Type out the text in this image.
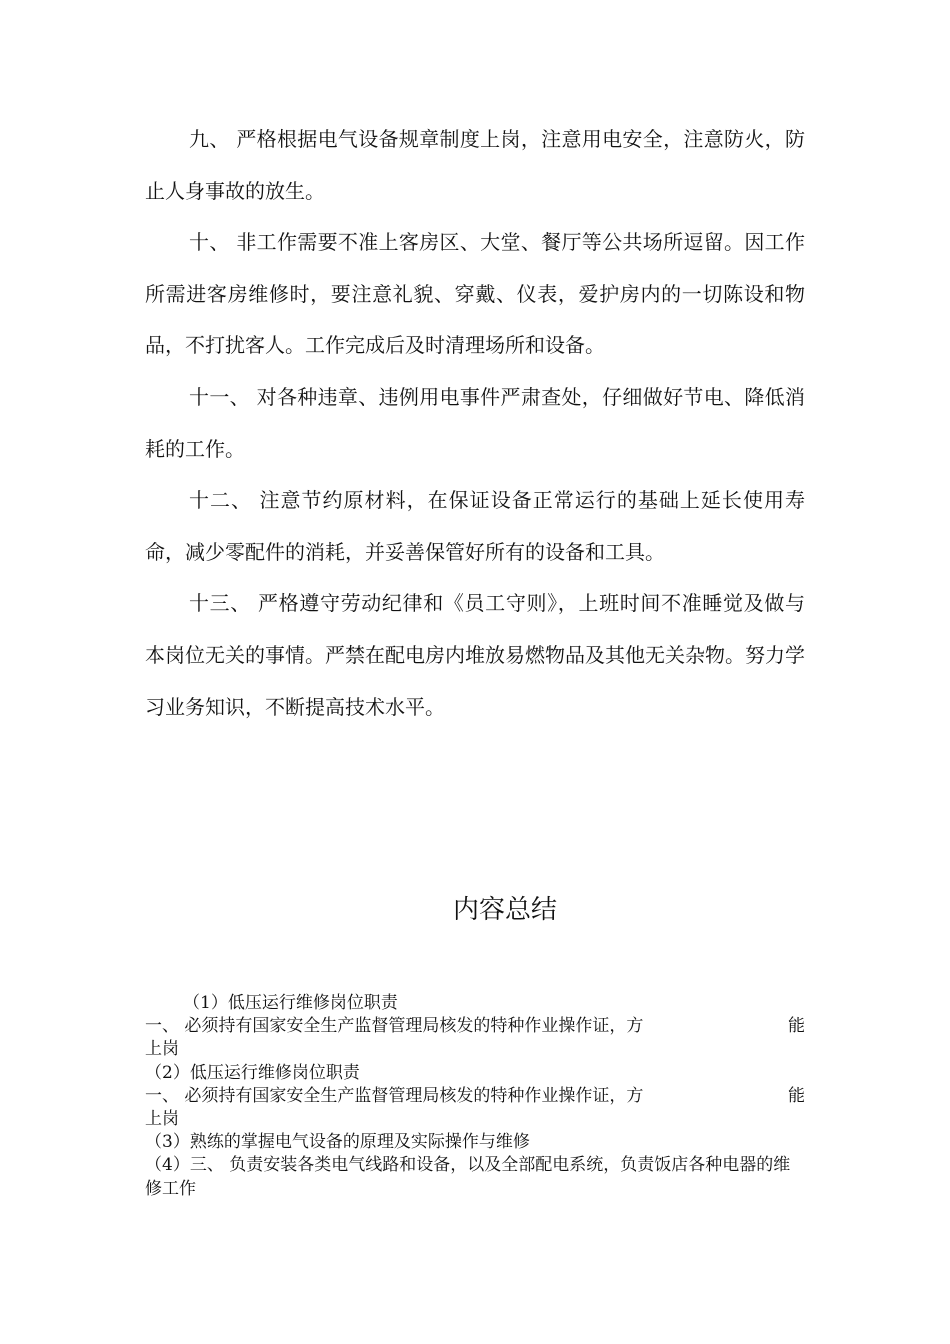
九、 严格根据电气设备规章制度上岗，注意用电安全，注意防火，防止人身事故的放生。

十、 非工作需要不准上客房区、大堂、餐厅等公共场所逗留。因工作所需进客房维修时，要注意礼貌、穿戴、仪表，爱护房内的一切陈设和物品，不打扰客人。工作完成后及时清理场所和设备。

十一、 对各种违章、违例用电事件严肃查处，仔细做好节电、降低消耗的工作。

十二、 注意节约原材料，在保证设备正常运行的基础上延长使用寿命，减少零配件的消耗，并妥善保管好所有的设备和工具。

十三、 严格遵守劳动纪律和《员工守则》，上班时间不准睡觉及做与本岗位无关的事情。严禁在配电房内堆放易燃物品及其他无关杂物。努力学习业务知识，不断提高技术水平。

内容总结

（1）低压运行维修岗位职责

一、 必须持有国家安全生产监督管理局核发的特种作业操作证，方	能

上岗

（2）低压运行维修岗位职责

一、 必须持有国家安全生产监督管理局核发的特种作业操作证，方	能

上岗

（3）熟练的掌握电气设备的原理及实际操作与维修

（4）三、 负责安装各类电气线路和设备，以及全部配电系统，负责饭店各种电器的维修工作
